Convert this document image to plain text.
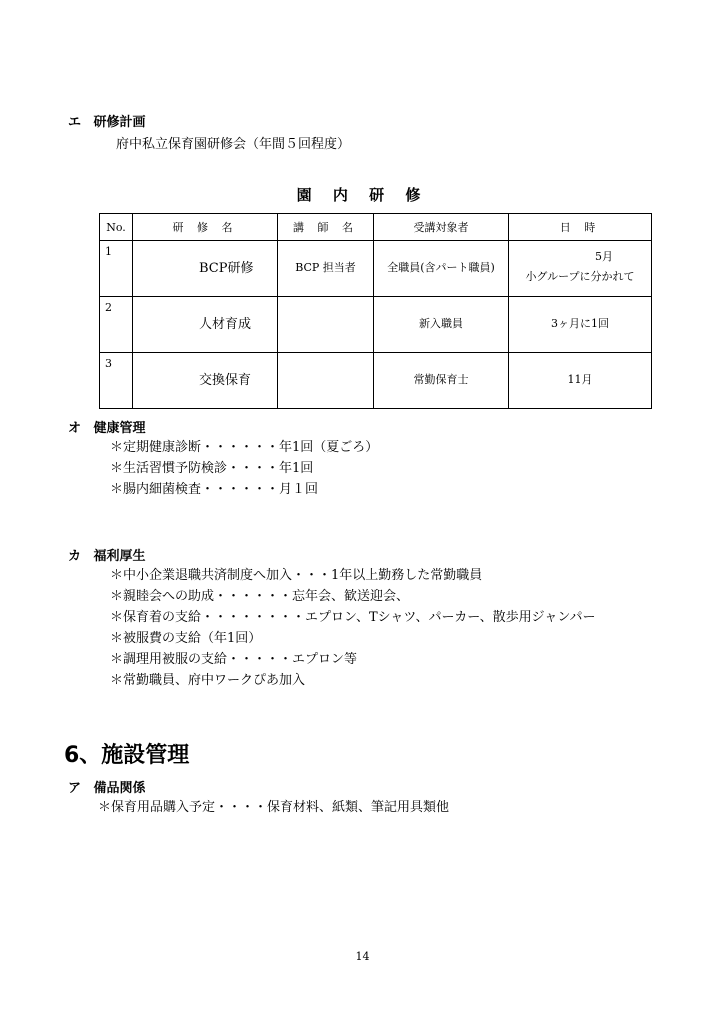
エ 研修計画
府中私立保育園研修会（年間５回程度）
園 内 研 修
No.	研 修 名	講 師 名	受講対象者	日 時
1	BCP研修	BCP 担当者	全職員(含パート職員)	5月
小グループに分かれて

2	人材育成		新入職員	3ヶ月に1回

3	交換保育		常勤保育士	11月
オ 健康管理
＊定期健康診断・・・・・・年1回（夏ごろ）
＊生活習慣予防検診・・・・年1回
＊腸内細菌検査・・・・・・月１回
カ 福利厚生
＊中小企業退職共済制度へ加入・・・1年以上勤務した常勤職員
＊親睦会への助成・・・・・・忘年会、歓送迎会、
＊保育着の支給・・・・・・・・エプロン、Tシャツ、パーカー、散歩用ジャンパー
＊被服費の支給（年1回）
＊調理用被服の支給・・・・・エプロン等
＊常勤職員、府中ワークぴあ加入
6、施設管理
ア 備品関係
＊保育用品購入予定・・・・保育材料、紙類、筆記用具類他
14
